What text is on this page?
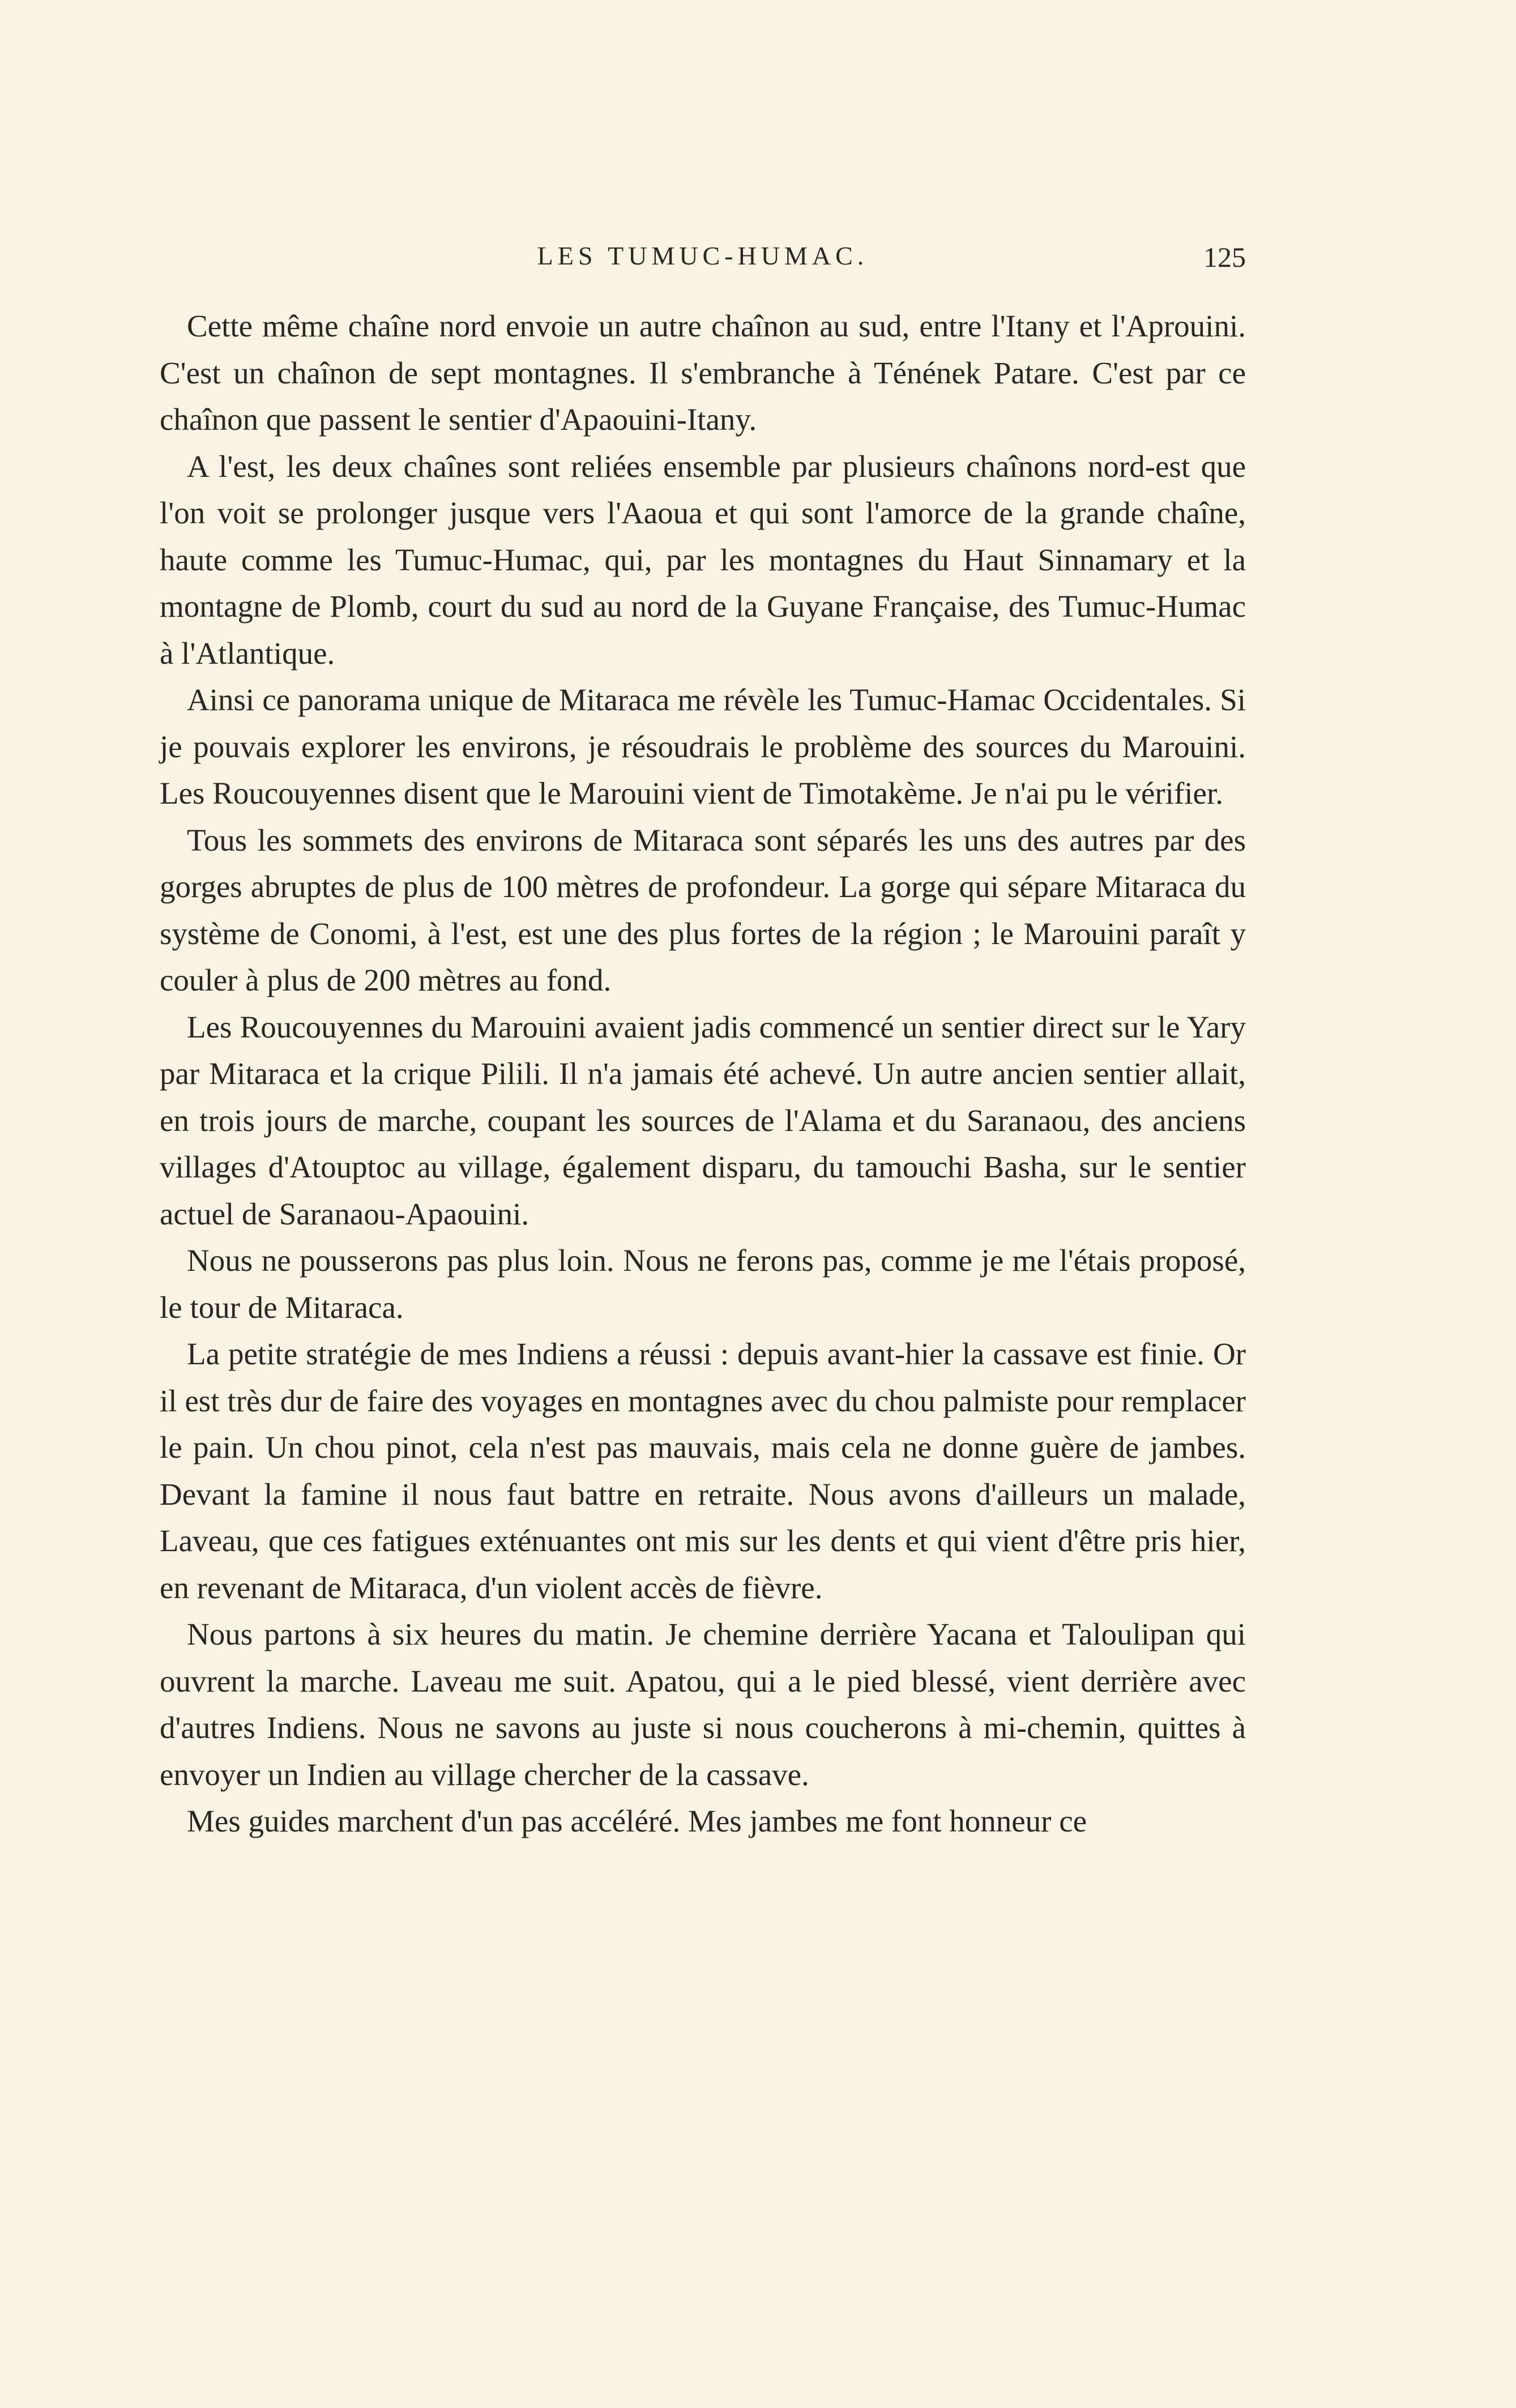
LES TUMUC-HUMAC.	125

Cette même chaîne nord envoie un autre chaînon au sud, entre l'Itany et l'Aprouini. C'est un chaînon de sept montagnes. Il s'embranche à Ténének Patare. C'est par ce chaînon que passent le sentier d'Apaouini-Itany.

A l'est, les deux chaînes sont reliées ensemble par plusieurs chaînons nord-est que l'on voit se prolonger jusque vers l'Aaoua et qui sont l'amorce de la grande chaîne, haute comme les Tumuc-Humac, qui, par les montagnes du Haut Sinnamary et la montagne de Plomb, court du sud au nord de la Guyane Française, des Tumuc-Humac à l'Atlantique.

Ainsi ce panorama unique de Mitaraca me révèle les Tumuc-Hamac Occidentales. Si je pouvais explorer les environs, je résoudrais le problème des sources du Marouini. Les Roucouyennes disent que le Marouini vient de Timotakème. Je n'ai pu le vérifier.

Tous les sommets des environs de Mitaraca sont séparés les uns des autres par des gorges abruptes de plus de 100 mètres de profondeur. La gorge qui sépare Mitaraca du système de Conomi, à l'est, est une des plus fortes de la région ; le Marouini paraît y couler à plus de 200 mètres au fond.

Les Roucouyennes du Marouini avaient jadis commencé un sentier direct sur le Yary par Mitaraca et la crique Pilili. Il n'a jamais été achevé. Un autre ancien sentier allait, en trois jours de marche, coupant les sources de l'Alama et du Saranaou, des anciens villages d'Atouptoc au village, également disparu, du tamouchi Basha, sur le sentier actuel de Saranaou-Apaouini.

Nous ne pousserons pas plus loin. Nous ne ferons pas, comme je me l'étais proposé, le tour de Mitaraca.

La petite stratégie de mes Indiens a réussi : depuis avant-hier la cassave est finie. Or il est très dur de faire des voyages en montagnes avec du chou palmiste pour remplacer le pain. Un chou pinot, cela n'est pas mauvais, mais cela ne donne guère de jambes. Devant la famine il nous faut battre en retraite. Nous avons d'ailleurs un malade, Laveau, que ces fatigues exténuantes ont mis sur les dents et qui vient d'être pris hier, en revenant de Mitaraca, d'un violent accès de fièvre.

Nous partons à six heures du matin. Je chemine derrière Yacana et Taloulipan qui ouvrent la marche. Laveau me suit. Apatou, qui a le pied blessé, vient derrière avec d'autres Indiens. Nous ne savons au juste si nous coucherons à mi-chemin, quittes à envoyer un Indien au village chercher de la cassave.

Mes guides marchent d'un pas accéléré. Mes jambes me font honneur ce
